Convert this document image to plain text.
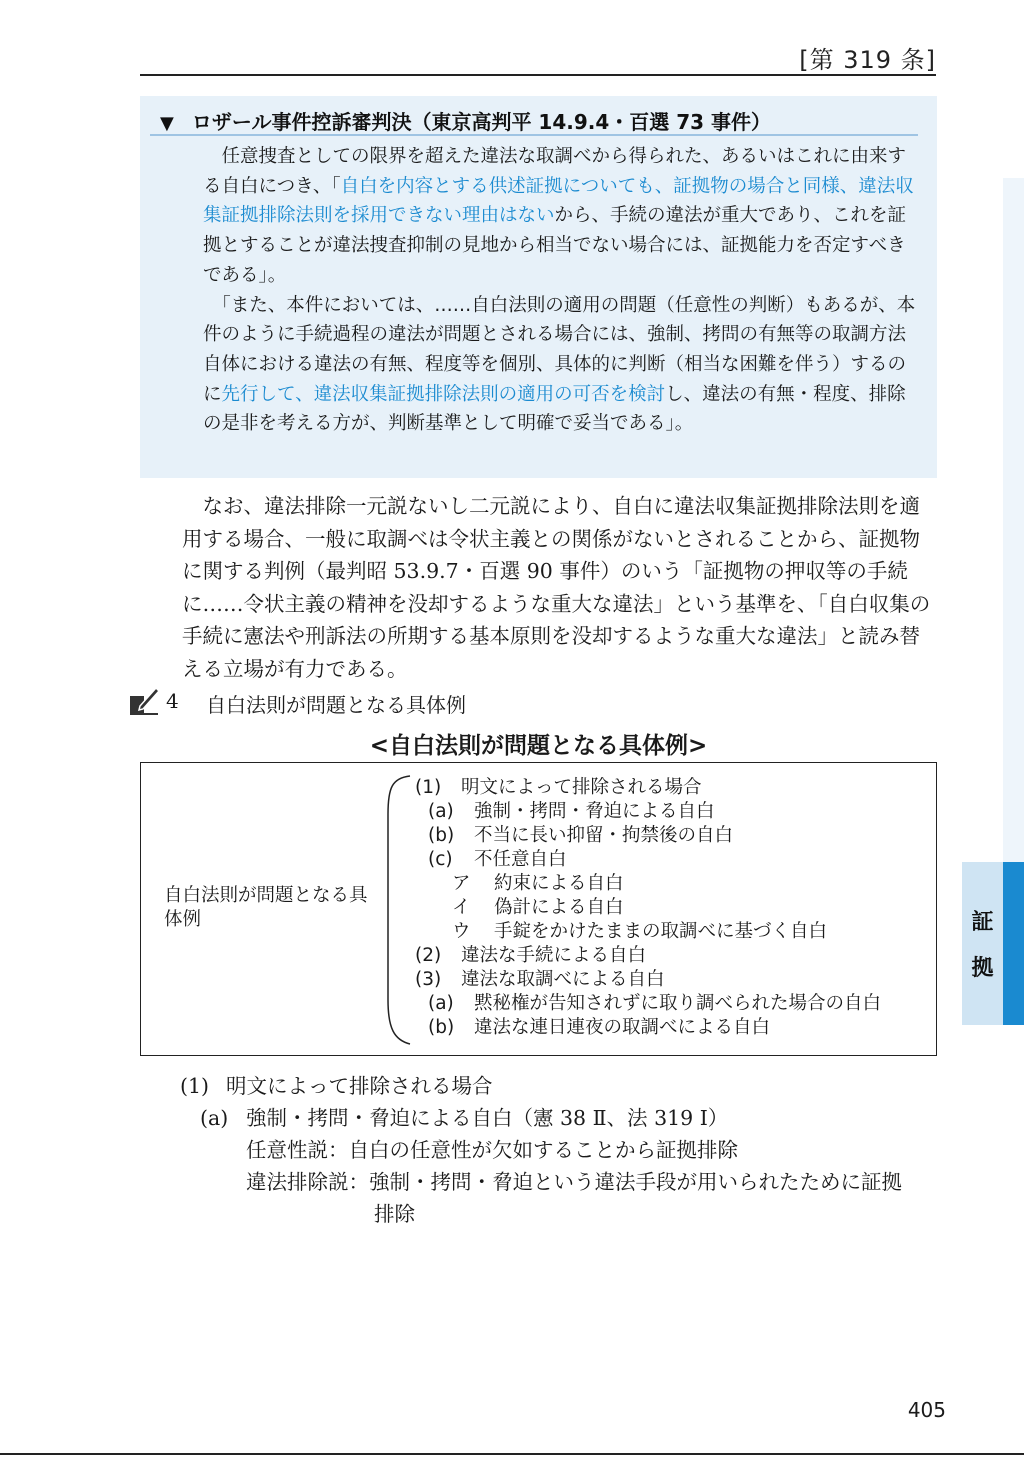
[第 319 条]
▼ ロザール事件控訴審判決（東京高判平 14.9.4・百選 73 事件）

任意捜査としての限界を超えた違法な取調べから得られた、あるいはこれに由来する自白につき、「自白を内容とする供述証拠についても、証拠物の場合と同様、違法収集証拠排除法則を採用できない理由はないから、手続の違法が重大であり、これを証拠とすることが違法捜査抑制の見地から相当でない場合には、証拠能力を否定すべきである」。

「また、本件においては、……自白法則の適用の問題（任意性の判断）もあるが、本件のように手続過程の違法が問題とされる場合には、強制、拷問の有無等の取調方法自体における違法の有無、程度等を個別、具体的に判断（相当な困難を伴う）するのに先行して、違法収集証拠排除法則の適用の可否を検討し、違法の有無・程度、排除の是非を考える方が、判断基準として明確で妥当である」。

なお、違法排除一元説ないし二元説により、自白に違法収集証拠排除法則を適用する場合、一般に取調べは令状主義との関係がないとされることから、証拠物に関する判例（最判昭 53.9.7・百選 90 事件）のいう「証拠物の押収等の手続に……令状主義の精神を没却するような重大な違法」という基準を、「自白収集の手続に憲法や刑訴法の所期する基本原則を没却するような重大な違法」と読み替える立場が有力である。

4 自白法則が問題となる具体例
<自白法則が問題となる具体例>
自白法則が問題となる具体例
(1) 明文によって排除される場合
(a) 強制・拷問・脅迫による自白
(b) 不当に長い抑留・拘禁後の自白
(c) 不任意自白
ア 約束による自白
イ 偽計による自白
ウ 手錠をかけたままの取調べに基づく自白
(2) 違法な手続による自白
(3) 違法な取調べによる自白
(a) 黙秘権が告知されずに取り調べられた場合の自白
(b) 違法な連日連夜の取調べによる自白
(1) 明文によって排除される場合
(a) 強制・拷問・脅迫による自白（憲 38 Ⅱ、法 319 Ⅰ）
任意性説：自白の任意性が欠如することから証拠排除
違法排除説：強制・拷問・脅迫という違法手段が用いられたために証拠
排除
証
拠
405
